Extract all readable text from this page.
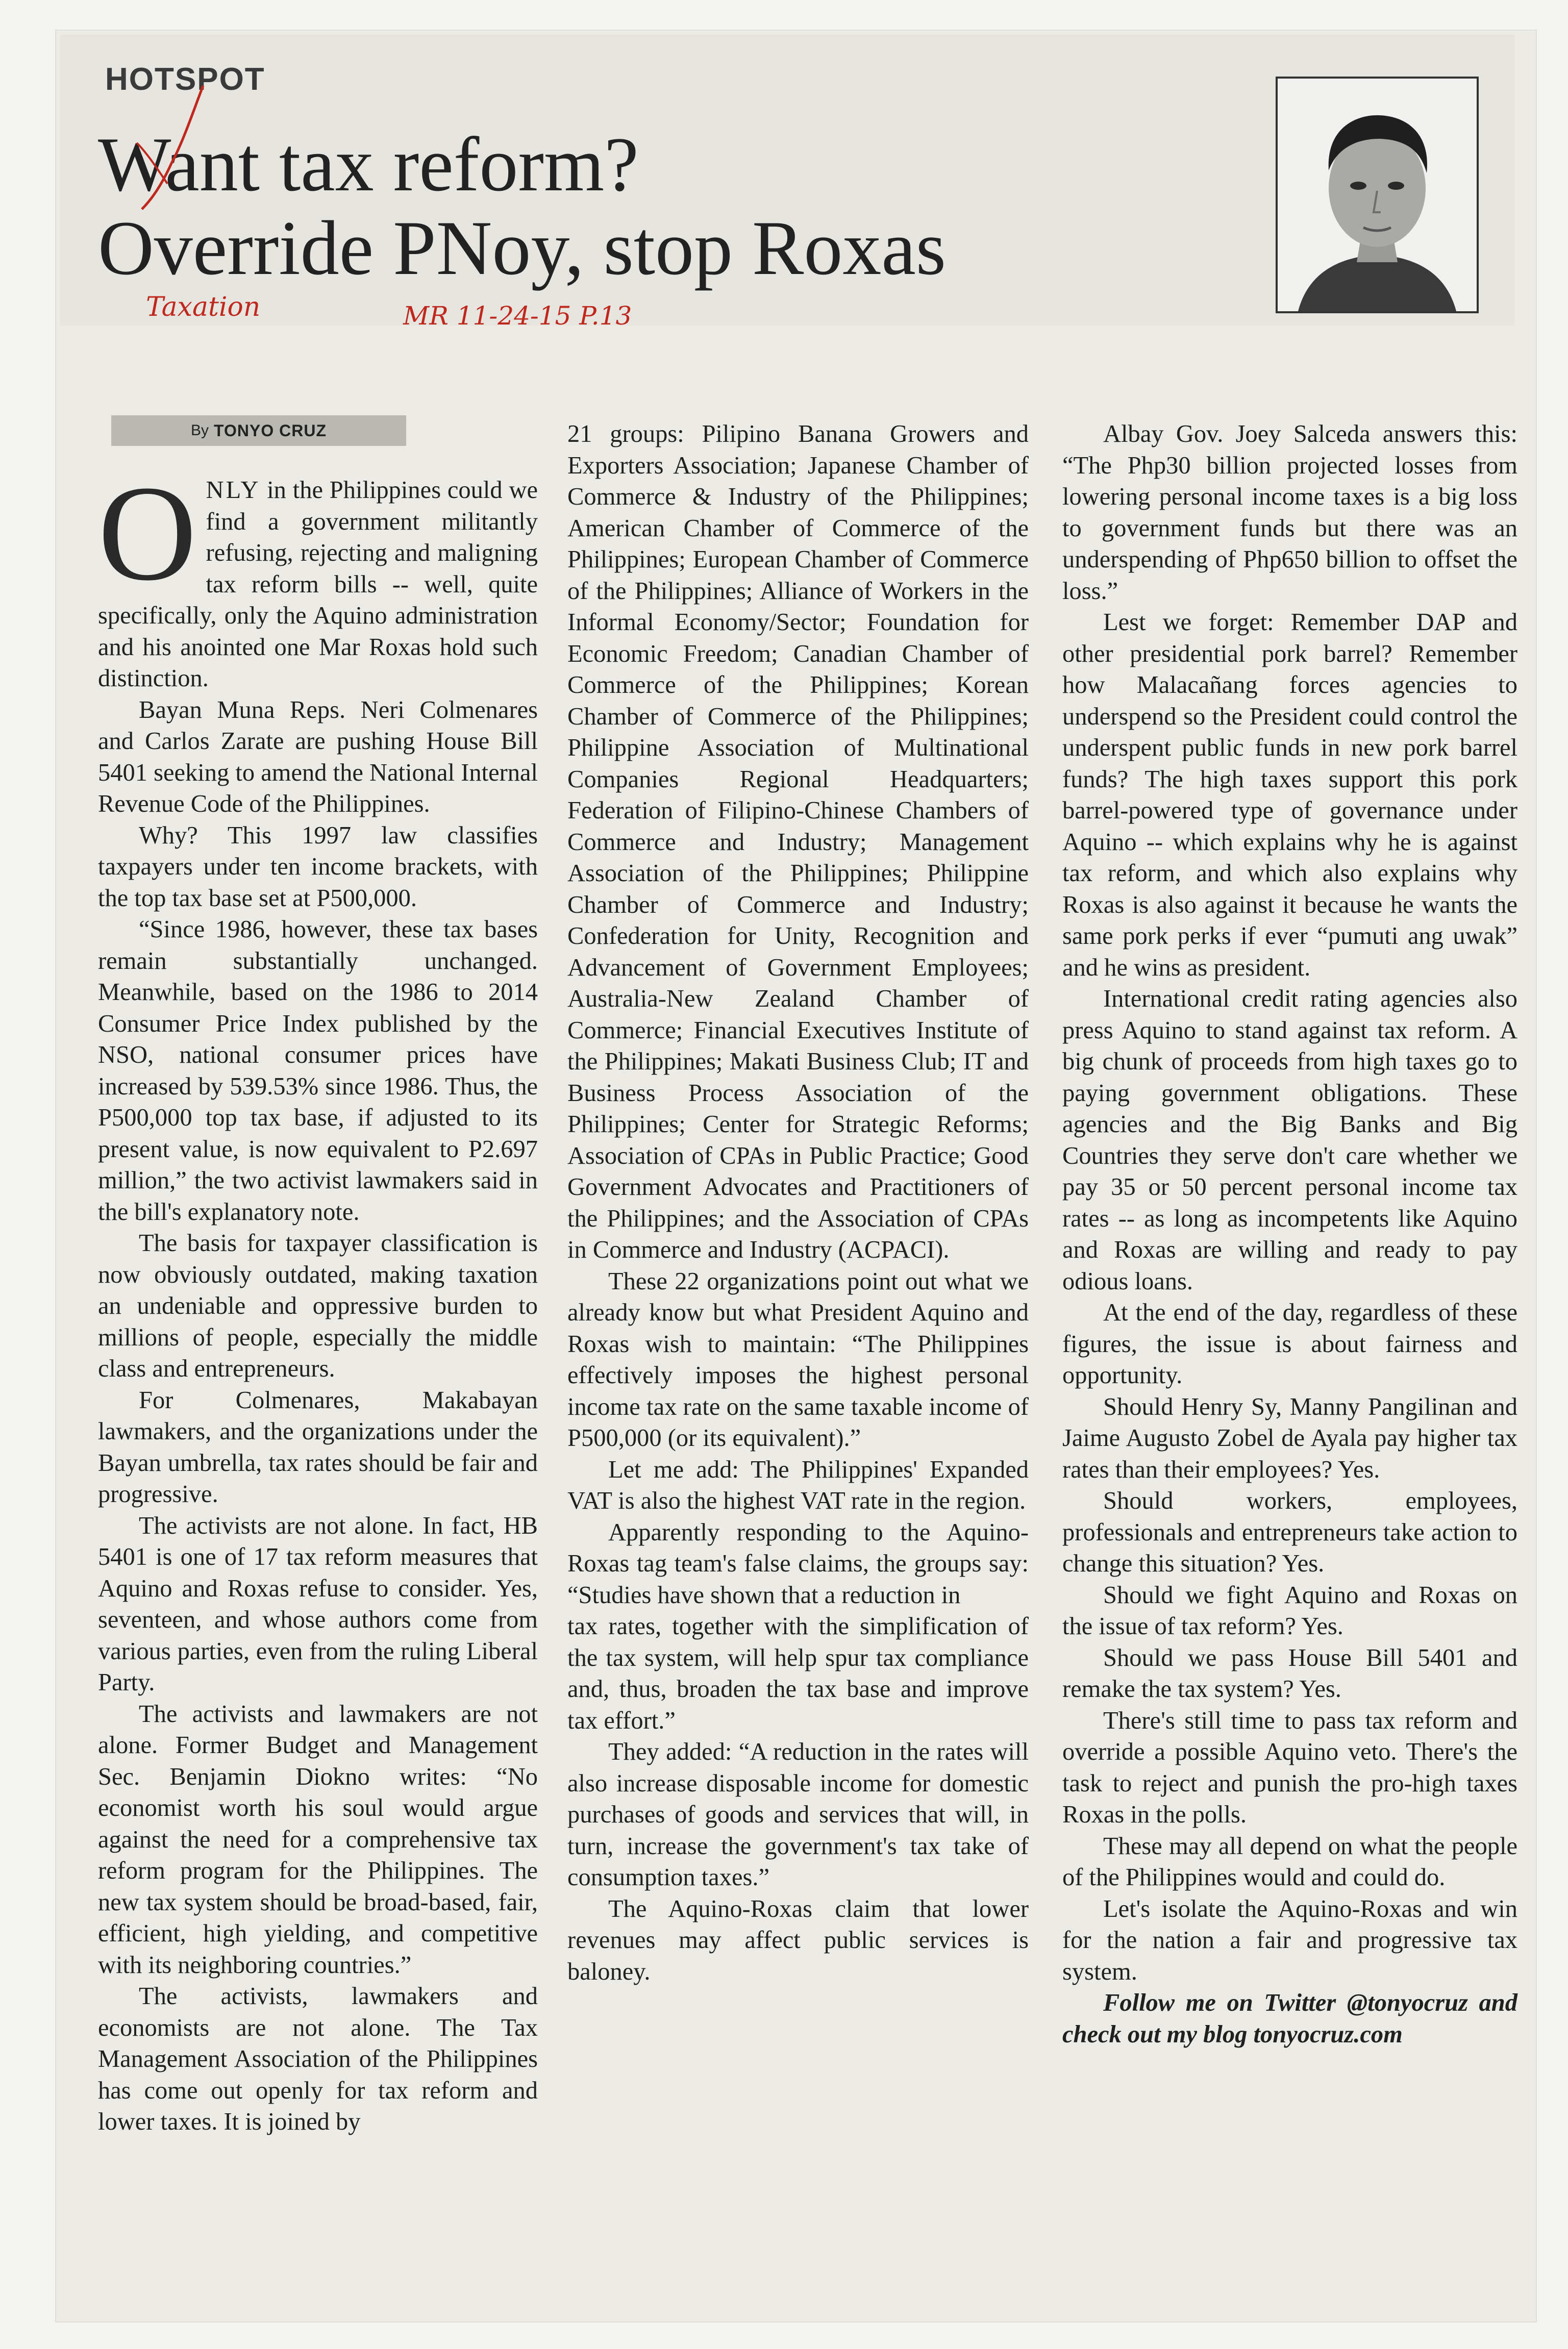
HOTSPOT
Want tax reform?
Override PNoy, stop Roxas
Taxation	MR 11-24-15 P.13
By TONYO CRUZ

ONLY in the Philippines could we find a government militantly refusing, rejecting and maligning tax reform bills -- well, quite specifically, only the Aquino administration and his anointed one Mar Roxas hold such distinction.

Bayan Muna Reps. Neri Colmenares and Carlos Zarate are pushing House Bill 5401 seeking to amend the National Internal Revenue Code of the Philippines.

Why? This 1997 law classifies taxpayers under ten income brackets, with the top tax base set at P500,000.

“Since 1986, however, these tax bases remain substantially unchanged. Meanwhile, based on the 1986 to 2014 Consumer Price Index published by the NSO, national consumer prices have increased by 539.53% since 1986. Thus, the P500,000 top tax base, if adjusted to its present value, is now equivalent to P2.697 million,” the two activist lawmakers said in the bill's explanatory note.

The basis for taxpayer classification is now obviously outdated, making taxation an undeniable and oppressive burden to millions of people, especially the middle class and entrepreneurs.

For Colmenares, Makabayan lawmakers, and the organizations under the Bayan umbrella, tax rates should be fair and progressive.

The activists are not alone. In fact, HB 5401 is one of 17 tax reform measures that Aquino and Roxas refuse to consider. Yes, seventeen, and whose authors come from various parties, even from the ruling Liberal Party.

The activists and lawmakers are not alone. Former Budget and Management Sec. Benjamin Diokno writes: “No economist worth his soul would argue against the need for a comprehensive tax reform program for the Philippines. The new tax system should be broad-based, fair, efficient, high yielding, and competitive with its neighboring countries.”

The activists, lawmakers and economists are not alone. The Tax Management Association of the Philippines has come out openly for tax reform and lower taxes. It is joined by

21 groups: Pilipino Banana Growers and Exporters Association; Japanese Chamber of Commerce & Industry of the Philippines; American Chamber of Commerce of the Philippines; European Chamber of Commerce of the Philippines; Alliance of Workers in the Informal Economy/Sector; Foundation for Economic Freedom; Canadian Chamber of Commerce of the Philippines; Korean Chamber of Commerce of the Philippines; Philippine Association of Multinational Companies Regional Headquarters; Federation of Filipino-Chinese Chambers of Commerce and Industry; Management Association of the Philippines; Philippine Chamber of Commerce and Industry; Confederation for Unity, Recognition and Advancement of Government Employees; Australia-New Zealand Chamber of Commerce; Financial Executives Institute of the Philippines; Makati Business Club; IT and Business Process Association of the Philippines; Center for Strategic Reforms; Association of CPAs in Public Practice; Good Government Advocates and Practitioners of the Philippines; and the Association of CPAs in Commerce and Industry (ACPACI).

These 22 organizations point out what we already know but what President Aquino and Roxas wish to maintain: “The Philippines effectively imposes the highest personal income tax rate on the same taxable income of P500,000 (or its equivalent).”

Let me add: The Philippines' Expanded VAT is also the highest VAT rate in the region.

Apparently responding to the Aquino-Roxas tag team's false claims, the groups say: “Studies have shown that a reduction in

tax rates, together with the simplification of the tax system, will help spur tax compliance and, thus, broaden the tax base and improve tax effort.”

They added: “A reduction in the rates will also increase disposable income for domestic purchases of goods and services that will, in turn, increase the government's tax take of consumption taxes.”

The Aquino-Roxas claim that lower revenues may affect public services is baloney.

Albay Gov. Joey Salceda answers this: “The Php30 billion projected losses from lowering personal income taxes is a big loss to government funds but there was an underspending of Php650 billion to offset the loss.”

Lest we forget: Remember DAP and other presidential pork barrel? Remember how Malacañang forces agencies to underspend so the President could control the underspent public funds in new pork barrel funds? The high taxes support this pork barrel-powered type of governance under Aquino -- which explains why he is against tax reform, and which also explains why Roxas is also against it because he wants the same pork perks if ever “pumuti ang uwak” and he wins as president.

International credit rating agencies also press Aquino to stand against tax reform. A big chunk of proceeds from high taxes go to paying government obligations. These agencies and the Big Banks and Big Countries they serve don't care whether we pay 35 or 50 percent personal income tax rates -- as long as incompetents like Aquino and Roxas are willing and ready to pay odious loans.

At the end of the day, regardless of these figures, the issue is about fairness and opportunity.

Should Henry Sy, Manny Pangilinan and Jaime Augusto Zobel de Ayala pay higher tax rates than their employees? Yes.

Should workers, employees, professionals and entrepreneurs take action to change this situation? Yes.

Should we fight Aquino and Roxas on the issue of tax reform? Yes.

Should we pass House Bill 5401 and remake the tax system? Yes.

There's still time to pass tax reform and override a possible Aquino veto. There's the task to reject and punish the pro-high taxes Roxas in the polls.

These may all depend on what the people of the Philippines would and could do.

Let's isolate the Aquino-Roxas and win for the nation a fair and progressive tax system.

Follow me on Twitter @tonyocruz and check out my blog tonyocruz.com
